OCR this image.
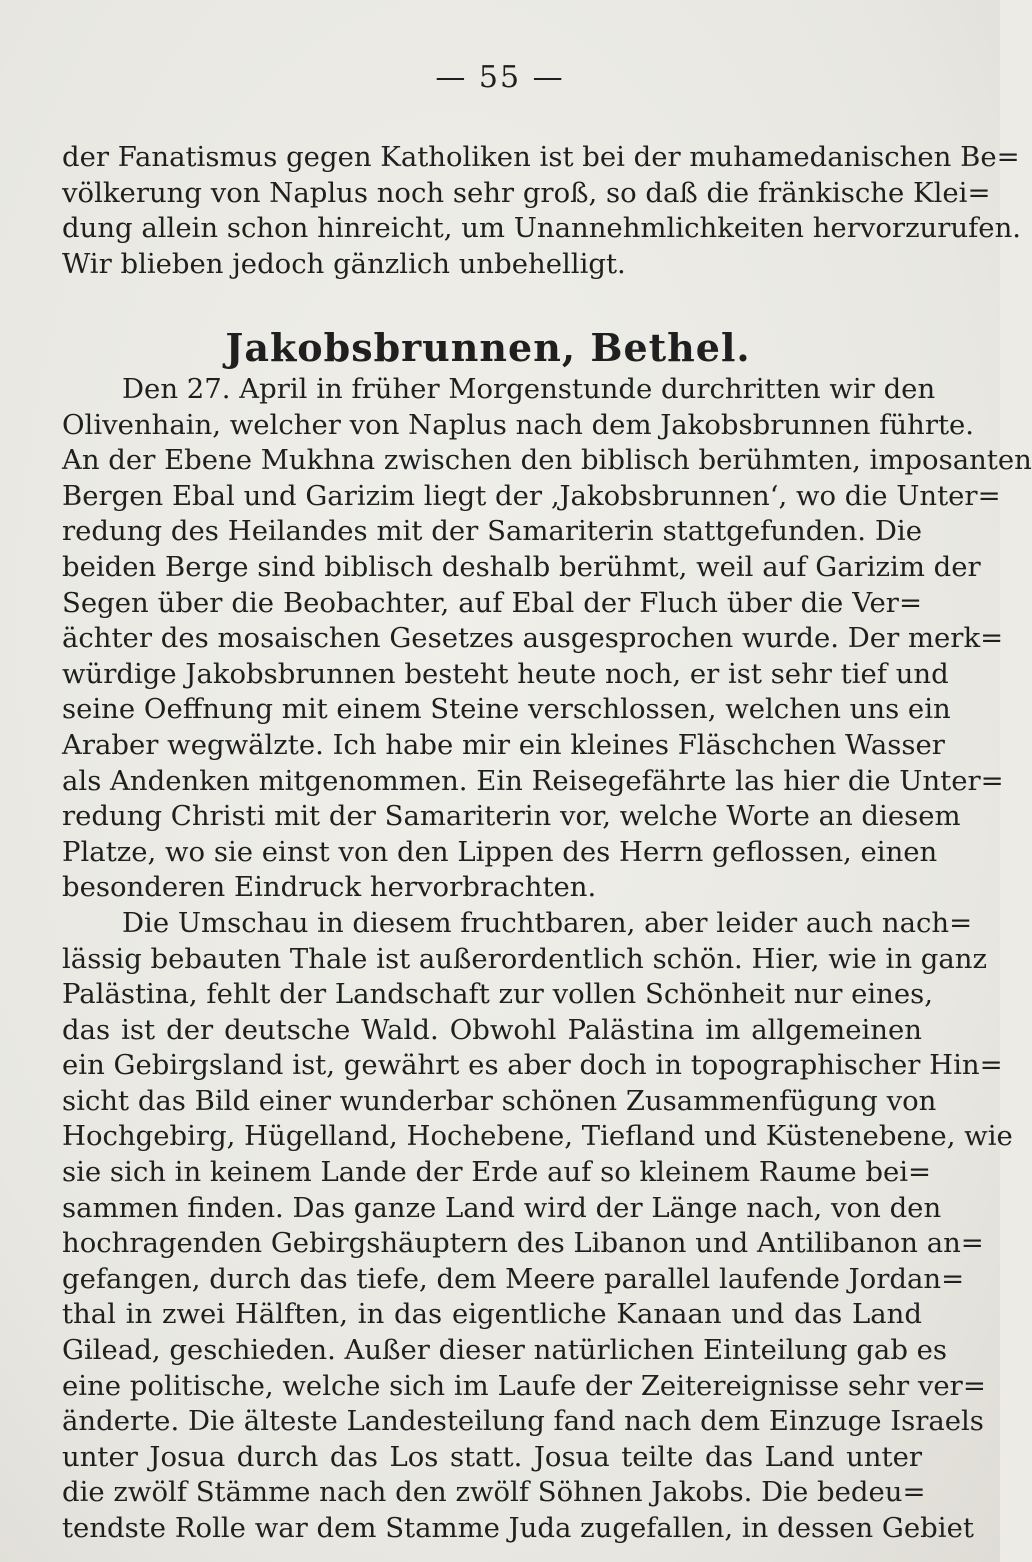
— 55 —
der Fanatismus gegen Katholiken ist bei der muhamedanischen Be=
völkerung von Naplus noch sehr groß, so daß die fränkische Klei=
dung allein schon hinreicht, um Unannehmlichkeiten hervorzurufen.
Wir blieben jedoch gänzlich unbehelligt.
Jakobsbrunnen, Bethel.
Den 27. April in früher Morgenstunde durchritten wir den
Olivenhain, welcher von Naplus nach dem Jakobsbrunnen führte.
An der Ebene Mukhna zwischen den biblisch berühmten, imposanten
Bergen Ebal und Garizim liegt der ‚Jakobsbrunnen‘, wo die Unter=
redung des Heilandes mit der Samariterin stattgefunden. Die
beiden Berge sind biblisch deshalb berühmt, weil auf Garizim der
Segen über die Beobachter, auf Ebal der Fluch über die Ver=
ächter des mosaischen Gesetzes ausgesprochen wurde. Der merk=
würdige Jakobsbrunnen besteht heute noch, er ist sehr tief und
seine Oeffnung mit einem Steine verschlossen, welchen uns ein
Araber wegwälzte. Ich habe mir ein kleines Fläschchen Wasser
als Andenken mitgenommen. Ein Reisegefährte las hier die Unter=
redung Christi mit der Samariterin vor, welche Worte an diesem
Platze, wo sie einst von den Lippen des Herrn geflossen, einen
besonderen Eindruck hervorbrachten.
Die Umschau in diesem fruchtbaren, aber leider auch nach=
lässig bebauten Thale ist außerordentlich schön. Hier, wie in ganz
Palästina, fehlt der Landschaft zur vollen Schönheit nur eines,
das ist der deutsche Wald. Obwohl Palästina im allgemeinen
ein Gebirgsland ist, gewährt es aber doch in topographischer Hin=
sicht das Bild einer wunderbar schönen Zusammenfügung von
Hochgebirg, Hügelland, Hochebene, Tiefland und Küstenebene, wie
sie sich in keinem Lande der Erde auf so kleinem Raume bei=
sammen finden. Das ganze Land wird der Länge nach, von den
hochragenden Gebirgshäuptern des Libanon und Antilibanon an=
gefangen, durch das tiefe, dem Meere parallel laufende Jordan=
thal in zwei Hälften, in das eigentliche Kanaan und das Land
Gilead, geschieden. Außer dieser natürlichen Einteilung gab es
eine politische, welche sich im Laufe der Zeitereignisse sehr ver=
änderte. Die älteste Landesteilung fand nach dem Einzuge Israels
unter Josua durch das Los statt. Josua teilte das Land unter
die zwölf Stämme nach den zwölf Söhnen Jakobs. Die bedeu=
tendste Rolle war dem Stamme Juda zugefallen, in dessen Gebiet
